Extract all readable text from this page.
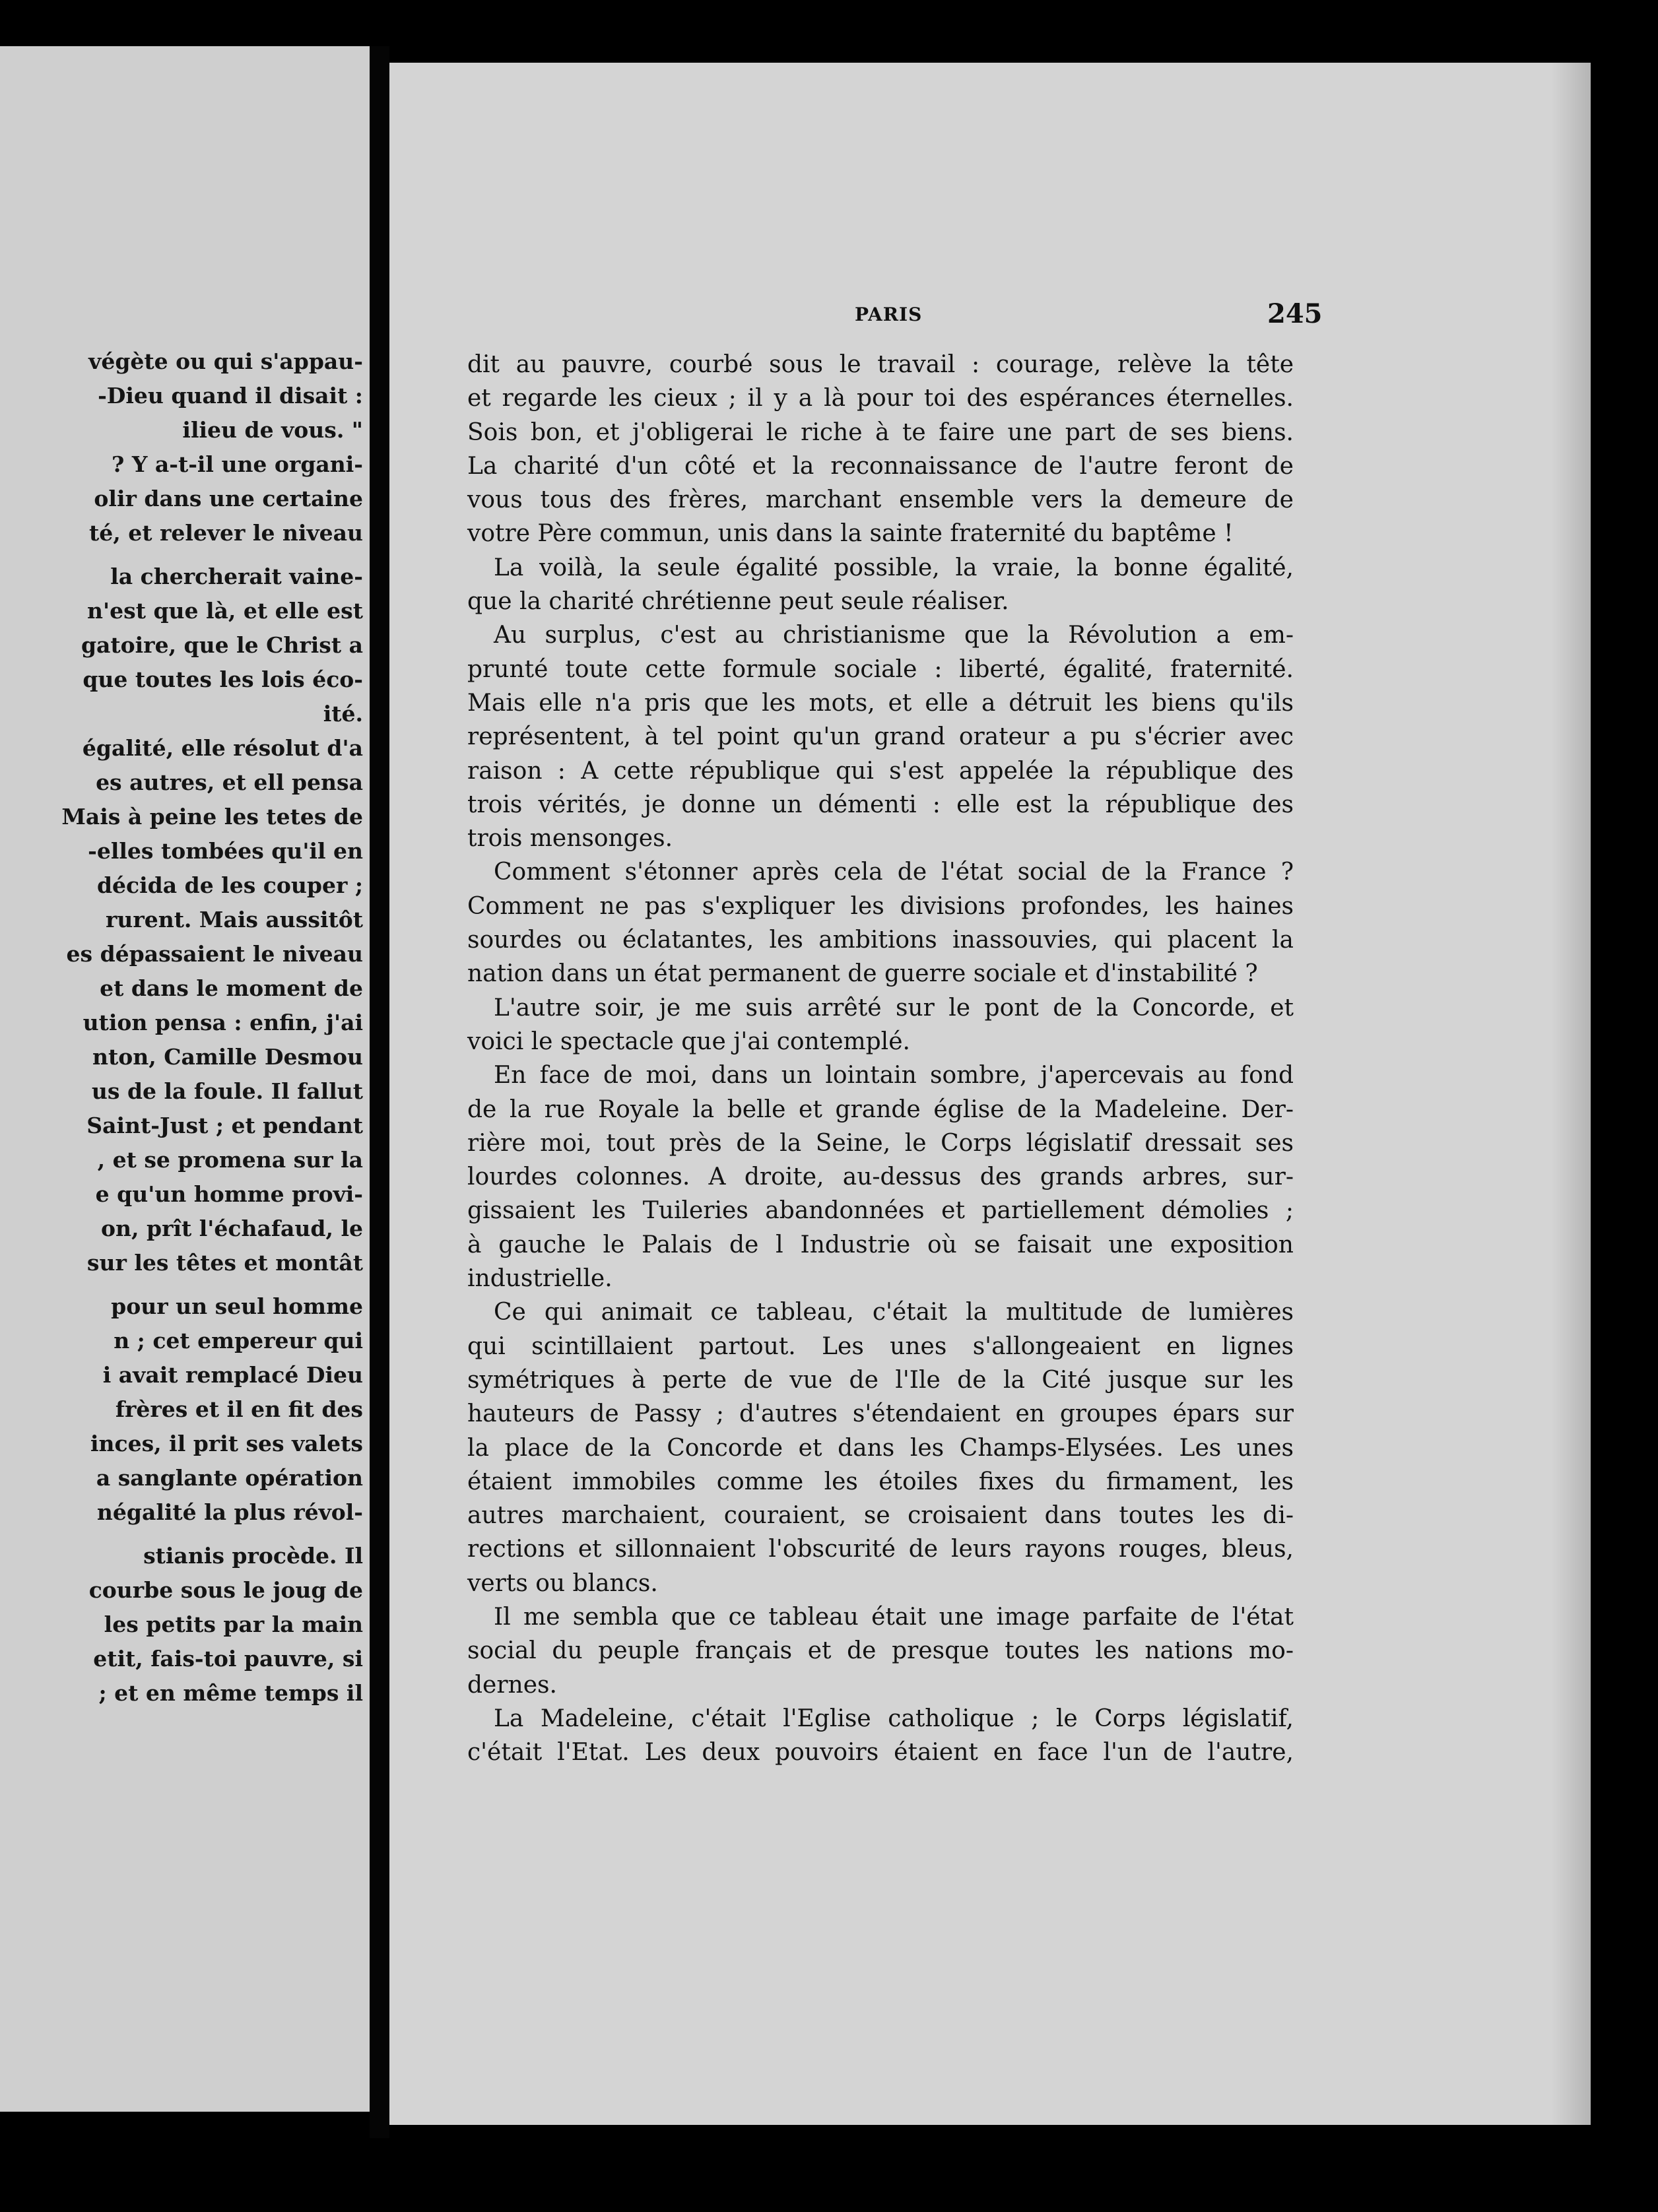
végète ou qui s'appau-
-Dieu quand il disait :
ilieu de vous. "
? Y a-t-il une organi-
olir dans une certaine
té, et relever le niveau
la chercherait vaine-
n'est que là, et elle est
gatoire, que le Christ a
que toutes les lois éco-
ité.
égalité, elle résolut d'a
es autres, et ell pensa
Mais à peine les tetes de
-elles tombées qu'il en
décida de les couper ;
rurent. Mais aussitôt
es dépassaient le niveau
et dans le moment de
ution pensa : enfin, j'ai
nton, Camille Desmou
us de la foule. Il fallut
Saint-Just ; et pendant
, et se promena sur la
e qu'un homme provi-
on, prît l'échafaud, le
sur les têtes et montât
pour un seul homme
n ; cet empereur qui
i avait remplacé Dieu
frères et il en fit des
inces, il prit ses valets
a sanglante opération
négalité la plus révol-
stianis procède. Il
courbe sous le joug de
les petits par la main
etit, fais-toi pauvre, si
; et en même temps il
PARIS	245
dit au pauvre, courbé sous le travail : courage, relève la tête
et regarde les cieux ; il y a là pour toi des espérances éternelles.
Sois bon, et j'obligerai le riche à te faire une part de ses biens.
La charité d'un côté et la reconnaissance de l'autre feront de
vous tous des frères, marchant ensemble vers la demeure de
votre Père commun, unis dans la sainte fraternité du baptême !
La voilà, la seule égalité possible, la vraie, la bonne égalité,
que la charité chrétienne peut seule réaliser.
Au surplus, c'est au christianisme que la Révolution a em-
prunté toute cette formule sociale : liberté, égalité, fraternité.
Mais elle n'a pris que les mots, et elle a détruit les biens qu'ils
représentent, à tel point qu'un grand orateur a pu s'écrier avec
raison : A cette république qui s'est appelée la république des
trois vérités, je donne un démenti : elle est la république des
trois mensonges.
Comment s'étonner après cela de l'état social de la France ?
Comment ne pas s'expliquer les divisions profondes, les haines
sourdes ou éclatantes, les ambitions inassouvies, qui placent la
nation dans un état permanent de guerre sociale et d'instabilité ?
L'autre soir, je me suis arrêté sur le pont de la Concorde, et
voici le spectacle que j'ai contemplé.
En face de moi, dans un lointain sombre, j'apercevais au fond
de la rue Royale la belle et grande église de la Madeleine. Der-
rière moi, tout près de la Seine, le Corps législatif dressait ses
lourdes colonnes. A droite, au-dessus des grands arbres, sur-
gissaient les Tuileries abandonnées et partiellement démolies ;
à gauche le Palais de l Industrie où se faisait une exposition
industrielle.
Ce qui animait ce tableau, c'était la multitude de lumières
qui scintillaient partout. Les unes s'allongeaient en lignes
symétriques à perte de vue de l'Ile de la Cité jusque sur les
hauteurs de Passy ; d'autres s'étendaient en groupes épars sur
la place de la Concorde et dans les Champs-Elysées. Les unes
étaient immobiles comme les étoiles fixes du firmament, les
autres marchaient, couraient, se croisaient dans toutes les di-
rections et sillonnaient l'obscurité de leurs rayons rouges, bleus,
verts ou blancs.
Il me sembla que ce tableau était une image parfaite de l'état
social du peuple français et de presque toutes les nations mo-
dernes.
La Madeleine, c'était l'Eglise catholique ; le Corps législatif,
c'était l'Etat. Les deux pouvoirs étaient en face l'un de l'autre,
